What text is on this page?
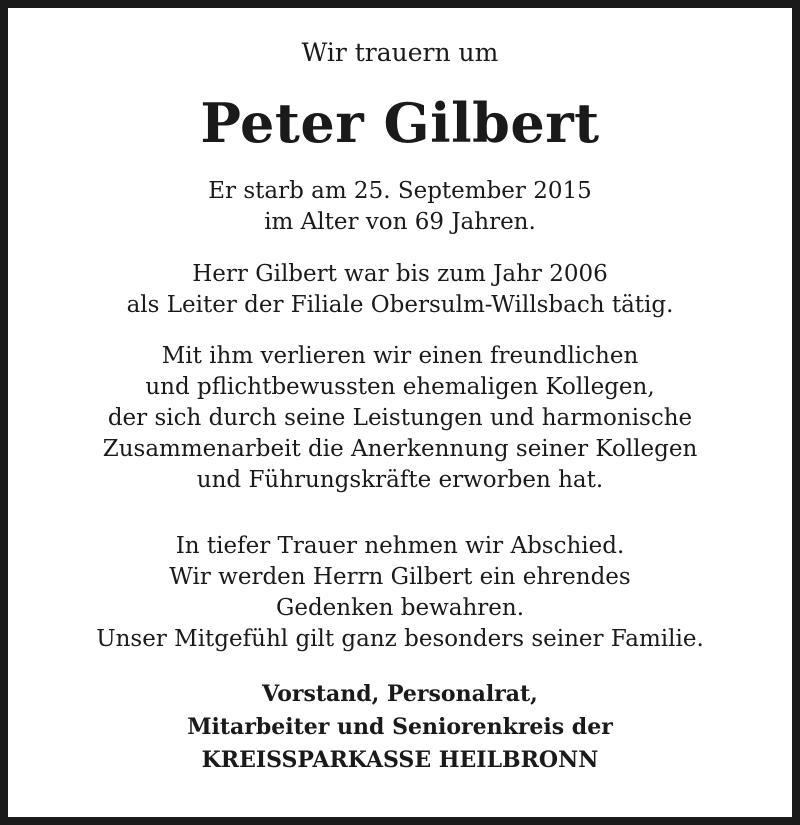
Wir trauern um
Peter Gilbert
Er starb am 25. September 2015
im Alter von 69 Jahren.
Herr Gilbert war bis zum Jahr 2006
als Leiter der Filiale Obersulm-Willsbach tätig.
Mit ihm verlieren wir einen freundlichen
und pflichtbewussten ehemaligen Kollegen,
der sich durch seine Leistungen und harmonische
Zusammenarbeit die Anerkennung seiner Kollegen
und Führungskräfte erworben hat.
In tiefer Trauer nehmen wir Abschied.
Wir werden Herrn Gilbert ein ehrendes
Gedenken bewahren.
Unser Mitgefühl gilt ganz besonders seiner Familie.
Vorstand, Personalrat,
Mitarbeiter und Seniorenkreis der
KREISSPARKASSE HEILBRONN
